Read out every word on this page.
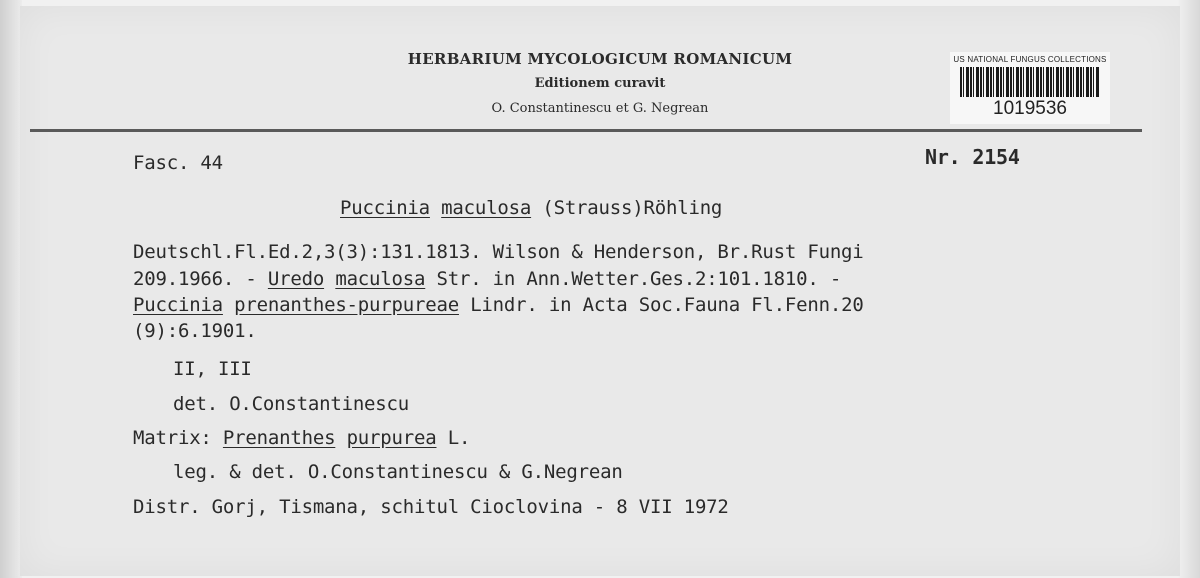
HERBARIUM MYCOLOGICUM ROMANICUM
Editionem curavit
O. Constantinescu et G. Negrean
US NATIONAL FUNGUS COLLECTIONS
1019536
Fasc. 44	Nr. 2154
Puccinia maculosa (Strauss)Röhling
Deutschl.Fl.Ed.2,3(3):131.1813. Wilson & Henderson, Br.Rust Fungi
209.1966. - Uredo maculosa Str. in Ann.Wetter.Ges.2:101.1810. -
Puccinia prenanthes-purpureae Lindr. in Acta Soc.Fauna Fl.Fenn.20
(9):6.1901.
II, III
det. O.Constantinescu
Matrix: Prenanthes purpurea L.
leg. & det. O.Constantinescu & G.Negrean
Distr. Gorj, Tismana, schitul Cioclovina - 8 VII 1972
